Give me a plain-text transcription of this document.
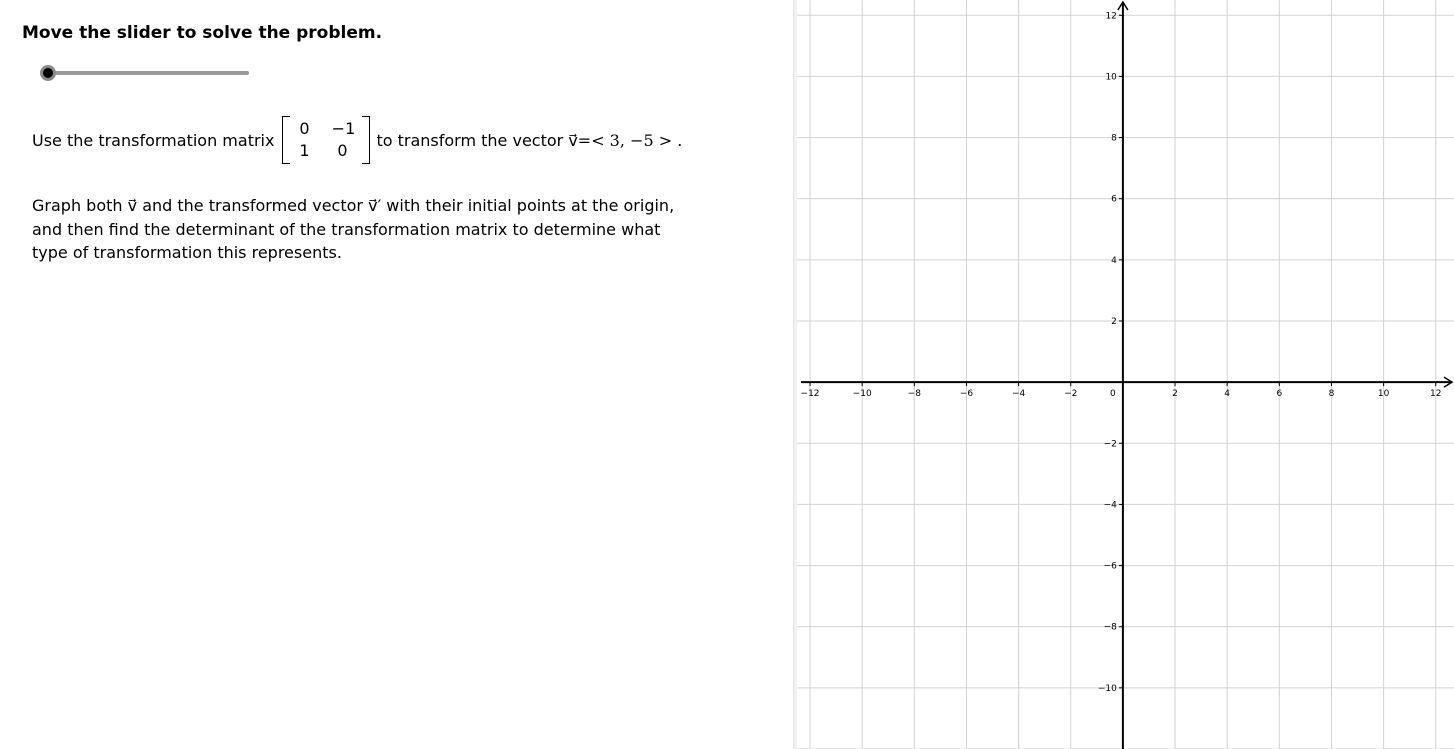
Move the slider to solve the problem.
Use the transformation matrix
0	−1
1	0
to transform the vector
v⃗ =< 3, −5 > .
Graph both v⃗ and the transformed vector v⃗′ with their initial points at the origin, and then find the determinant of the transformation matrix to determine what type of transformation this represents.
−12	−10	−8	−6	−4	−2	0	2	4	6	8	10	12
12
10
8
6
4
2
−2
−4
−6
−8
−10
